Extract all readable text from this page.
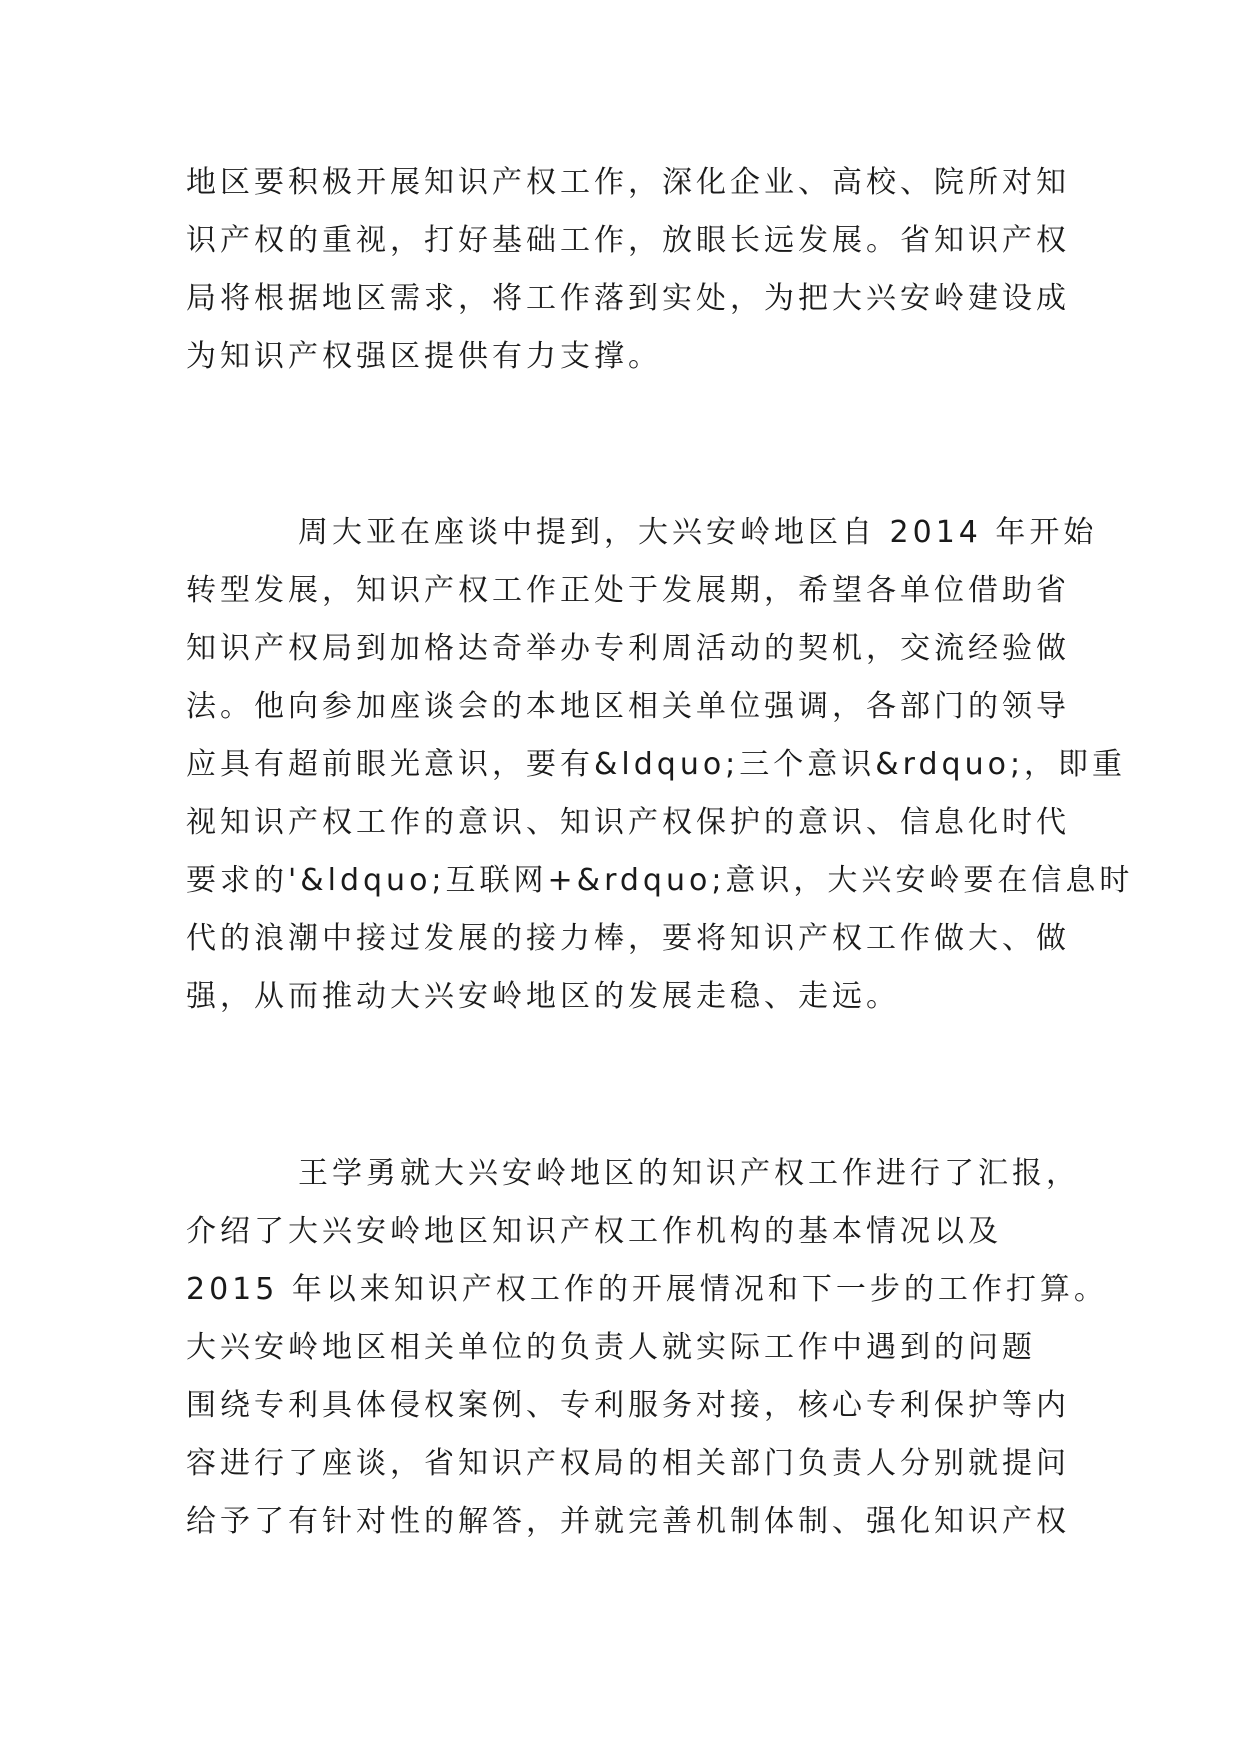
地区要积极开展知识产权工作，深化企业、高校、院所对知
识产权的重视，打好基础工作，放眼长远发展。省知识产权
局将根据地区需求，将工作落到实处，为把大兴安岭建设成
为知识产权强区提供有力支撑。
周大亚在座谈中提到，大兴安岭地区自 2014 年开始
转型发展，知识产权工作正处于发展期，希望各单位借助省
知识产权局到加格达奇举办专利周活动的契机，交流经验做
法。他向参加座谈会的本地区相关单位强调，各部门的领导
应具有超前眼光意识，要有&ldquo;三个意识&rdquo;，即重
视知识产权工作的意识、知识产权保护的意识、信息化时代
要求的'&ldquo;互联网+&rdquo;意识，大兴安岭要在信息时
代的浪潮中接过发展的接力棒，要将知识产权工作做大、做
强，从而推动大兴安岭地区的发展走稳、走远。
王学勇就大兴安岭地区的知识产权工作进行了汇报，
介绍了大兴安岭地区知识产权工作机构的基本情况以及
2015 年以来知识产权工作的开展情况和下一步的工作打算。
大兴安岭地区相关单位的负责人就实际工作中遇到的问题
围绕专利具体侵权案例、专利服务对接，核心专利保护等内
容进行了座谈，省知识产权局的相关部门负责人分别就提问
给予了有针对性的解答，并就完善机制体制、强化知识产权
